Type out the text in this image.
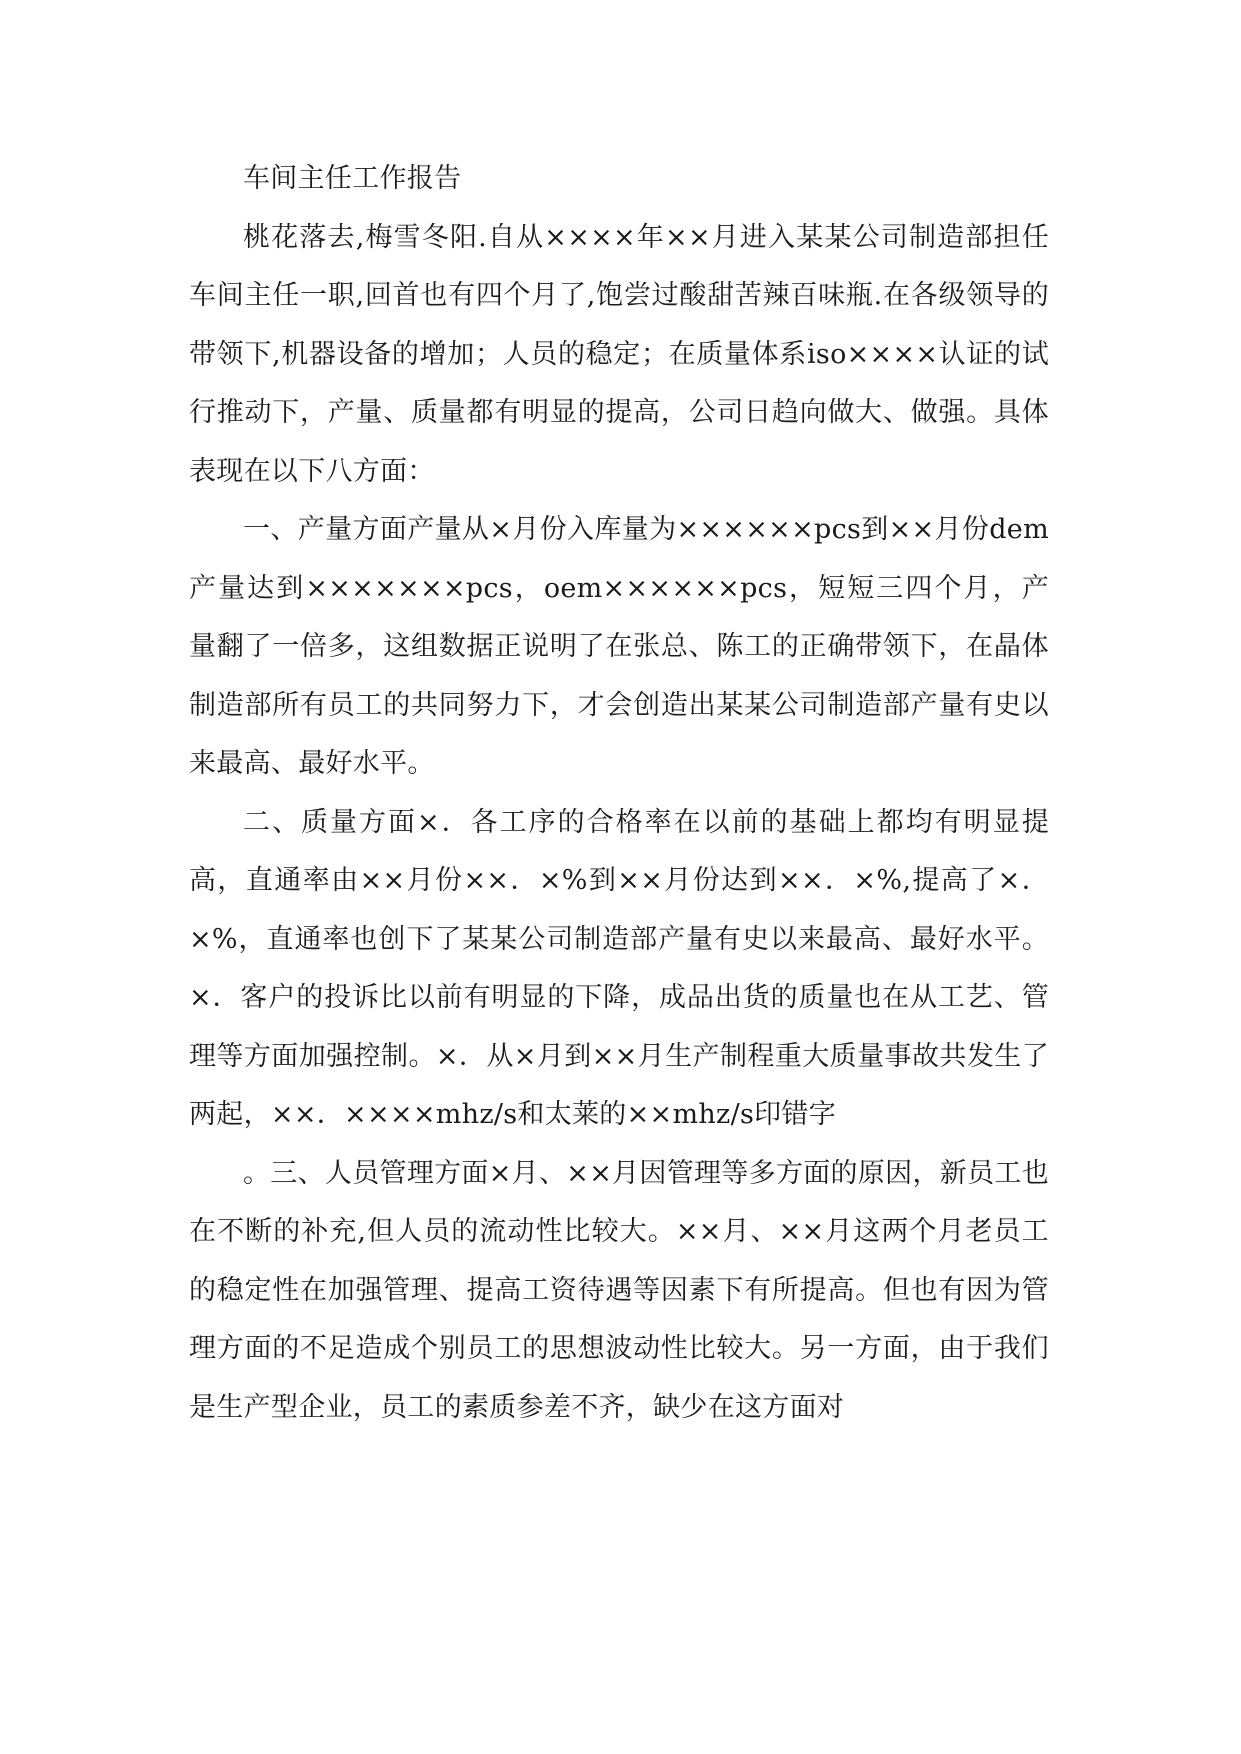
车间主任工作报告

桃花落去,梅雪冬阳.自从××××年××月进入某某公司制造部担任车间主任一职,回首也有四个月了,饱尝过酸甜苦辣百味瓶.在各级领导的带领下,机器设备的增加；人员的稳定；在质量体系iso××××认证的试行推动下，产量、质量都有明显的提高，公司日趋向做大、做强。具体表现在以下八方面：

一、产量方面产量从×月份入库量为××××××pcs到××月份dem产量达到×××××××pcs，oem××××××pcs，短短三四个月，产量翻了一倍多，这组数据正说明了在张总、陈工的正确带领下，在晶体制造部所有员工的共同努力下，才会创造出某某公司制造部产量有史以来最高、最好水平。

二、质量方面×．各工序的合格率在以前的基础上都均有明显提高，直通率由××月份××．×%到××月份达到××．×%,提高了×．×%，直通率也创下了某某公司制造部产量有史以来最高、最好水平。×．客户的投诉比以前有明显的下降，成品出货的质量也在从工艺、管理等方面加强控制。×．从×月到××月生产制程重大质量事故共发生了两起，××．××××mhz/s和太莱的××mhz/s印错字

。三、人员管理方面×月、××月因管理等多方面的原因，新员工也在不断的补充,但人员的流动性比较大。××月、××月这两个月老员工的稳定性在加强管理、提高工资待遇等因素下有所提高。但也有因为管理方面的不足造成个别员工的思想波动性比较大。另一方面，由于我们是生产型企业，员工的素质参差不齐，缺少在这方面对
